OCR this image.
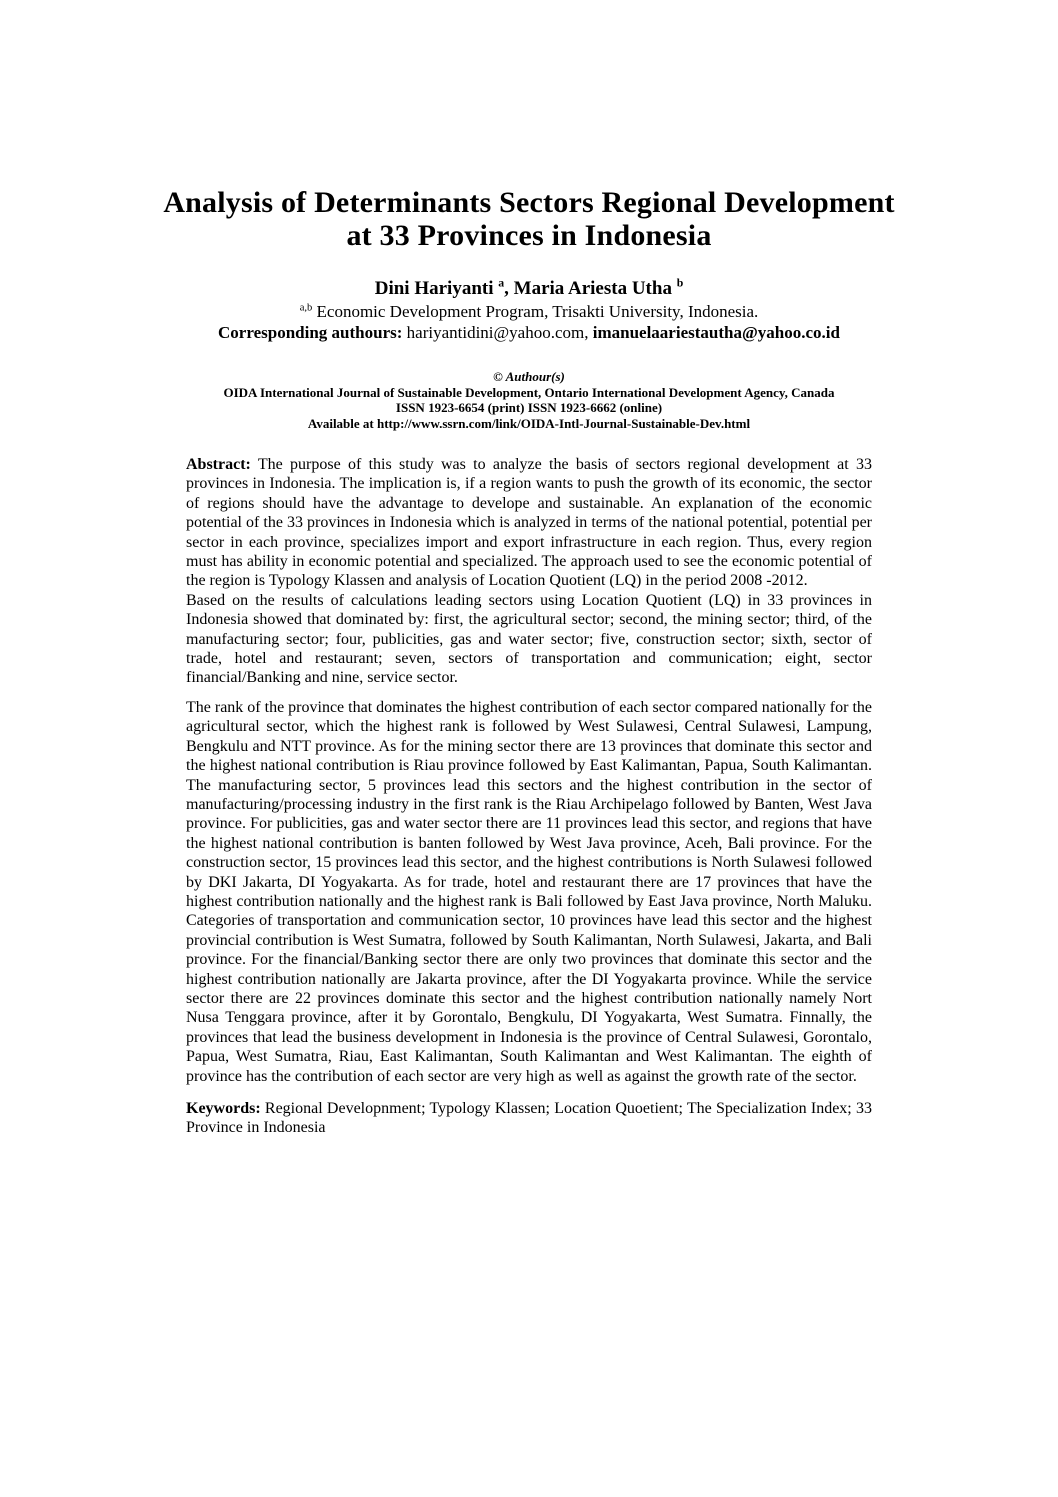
Analysis of Determinants Sectors Regional Development
at 33 Provinces in Indonesia
Dini Hariyanti $^a$, Maria Ariesta Utha $^b$
$^{a,b}$ Economic Development Program, Trisakti University, Indonesia.
Corresponding authours: hariyantidini@yahoo.com, imanuelaariestautha@yahoo.co.id
© Authour(s)
OIDA International Journal of Sustainable Development, Ontario International Development Agency, Canada
ISSN 1923-6654 (print) ISSN 1923-6662 (online)
Available at http://www.ssrn.com/link/OIDA-Intl-Journal-Sustainable-Dev.html

Abstract: The purpose of this study was to analyze the basis of sectors regional development at 33 provinces in Indonesia. The implication is, if a region wants to push the growth of its economic, the sector of regions should have the advantage to develope and sustainable. An explanation of the economic potential of the 33 provinces in Indonesia which is analyzed in terms of the national potential, potential per sector in each province, specializes import and export infrastructure in each region. Thus, every region must has ability in economic potential and specialized. The approach used to see the economic potential of the region is Typology Klassen and analysis of Location Quotient (LQ) in the period 2008 -2012.

Based on the results of calculations leading sectors using Location Quotient (LQ) in 33 provinces in Indonesia showed that dominated by: first, the agricultural sector; second, the mining sector; third, of the manufacturing sector; four, publicities, gas and water sector; five, construction sector; sixth, sector of trade, hotel and restaurant; seven, sectors of transportation and communication; eight, sector financial/Banking and nine, service sector.

The rank of the province that dominates the highest contribution of each sector compared nationally for the agricultural sector, which the highest rank is followed by West Sulawesi, Central Sulawesi, Lampung, Bengkulu and NTT province. As for the mining sector there are 13 provinces that dominate this sector and the highest national contribution is Riau province followed by East Kalimantan, Papua, South Kalimantan. The manufacturing sector, 5 provinces lead this sectors and the highest contribution in the sector of manufacturing/processing industry in the first rank is the Riau Archipelago followed by Banten, West Java province. For publicities, gas and water sector there are 11 provinces lead this sector, and regions that have the highest national contribution is banten followed by West Java province, Aceh, Bali province. For the construction sector, 15 provinces lead this sector, and the highest contributions is North Sulawesi followed by DKI Jakarta, DI Yogyakarta. As for trade, hotel and restaurant there are 17 provinces that have the highest contribution nationally and the highest rank is Bali followed by East Java province, North Maluku. Categories of transportation and communication sector, 10 provinces have lead this sector and the highest provincial contribution is West Sumatra, followed by South Kalimantan, North Sulawesi, Jakarta, and Bali province. For the financial/Banking sector there are only two provinces that dominate this sector and the highest contribution nationally are Jakarta province, after the DI Yogyakarta province. While the service sector there are 22 provinces dominate this sector and the highest contribution nationally namely Nort Nusa Tenggara province, after it by Gorontalo, Bengkulu, DI Yogyakarta, West Sumatra. Finnally, the provinces that lead the business development in Indonesia is the province of Central Sulawesi, Gorontalo, Papua, West Sumatra, Riau, East Kalimantan, South Kalimantan and West Kalimantan. The eighth of province has the contribution of each sector are very high as well as against the growth rate of the sector.

Keywords: Regional Developnment; Typology Klassen; Location Quoetient; The Specialization Index; 33 Province in Indonesia
